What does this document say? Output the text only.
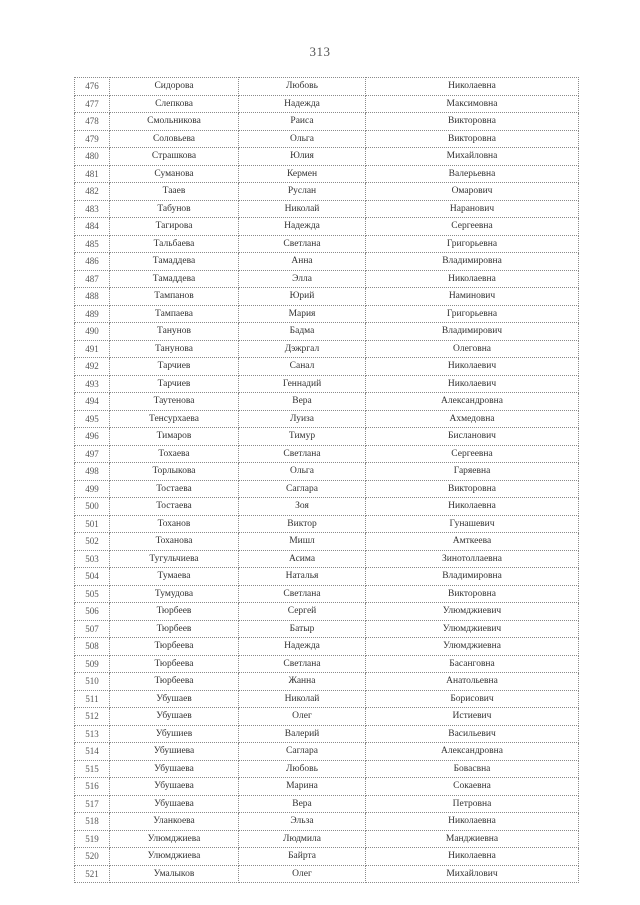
313
476	Сидорова	Любовь	Николаевна
477	Слепкова	Надежда	Максимовна
478	Смольникова	Раиса	Викторовна
479	Соловьева	Ольга	Викторовна
480	Страшкова	Юлия	Михайловна
481	Суманова	Кермен	Валерьевна
482	Тааев	Руслан	Омарович
483	Табунов	Николай	Наранович
484	Тагирова	Надежда	Сергеевна
485	Тальбаева	Светлана	Григорьевна
486	Тамаддева	Анна	Владимировна
487	Тамаддева	Элла	Николаевна
488	Тампанов	Юрий	Наминович
489	Тампаева	Мария	Григорьевна
490	Танунов	Бадма	Владимирович
491	Танунова	Дэжргал	Олеговна
492	Тарчиев	Санал	Николаевич
493	Тарчиев	Геннадий	Николаевич
494	Таутенова	Вера	Александровна
495	Тенсурхаева	Луиза	Ахмедовна
496	Тимаров	Тимур	Бисланович
497	Тохаева	Светлана	Сергеевна
498	Торлыкова	Ольга	Гаряевна
499	Тостаева	Саглара	Викторовна
500	Тостаева	Зоя	Николаевна
501	Тоханов	Виктор	Гунашевич
502	Тоханова	Мишл	Амткеева
503	Тугульчиева	Асима	Зинотоллаевна
504	Тумаева	Наталья	Владимировна
505	Тумудова	Светлана	Викторовна
506	Тюрбеев	Сергей	Улюмджиевич
507	Тюрбеев	Батыр	Улюмджиевич
508	Тюрбеева	Надежда	Улюмджиевна
509	Тюрбеева	Светлана	Басанговна
510	Тюрбеева	Жанна	Анатольевна
511	Убушаев	Николай	Борисович
512	Убушаев	Олег	Истиевич
513	Убушиев	Валерий	Васильевич
514	Убушиева	Саглара	Александровна
515	Убушаева	Любовь	Бовасвна
516	Убушаева	Марина	Сокаевна
517	Убушаева	Вера	Петровна
518	Уланкоева	Эльза	Николаевна
519	Улюмджиева	Людмила	Манджиевна
520	Улюмджиева	Байрта	Николаевна
521	Умалыков	Олег	Михайлович
